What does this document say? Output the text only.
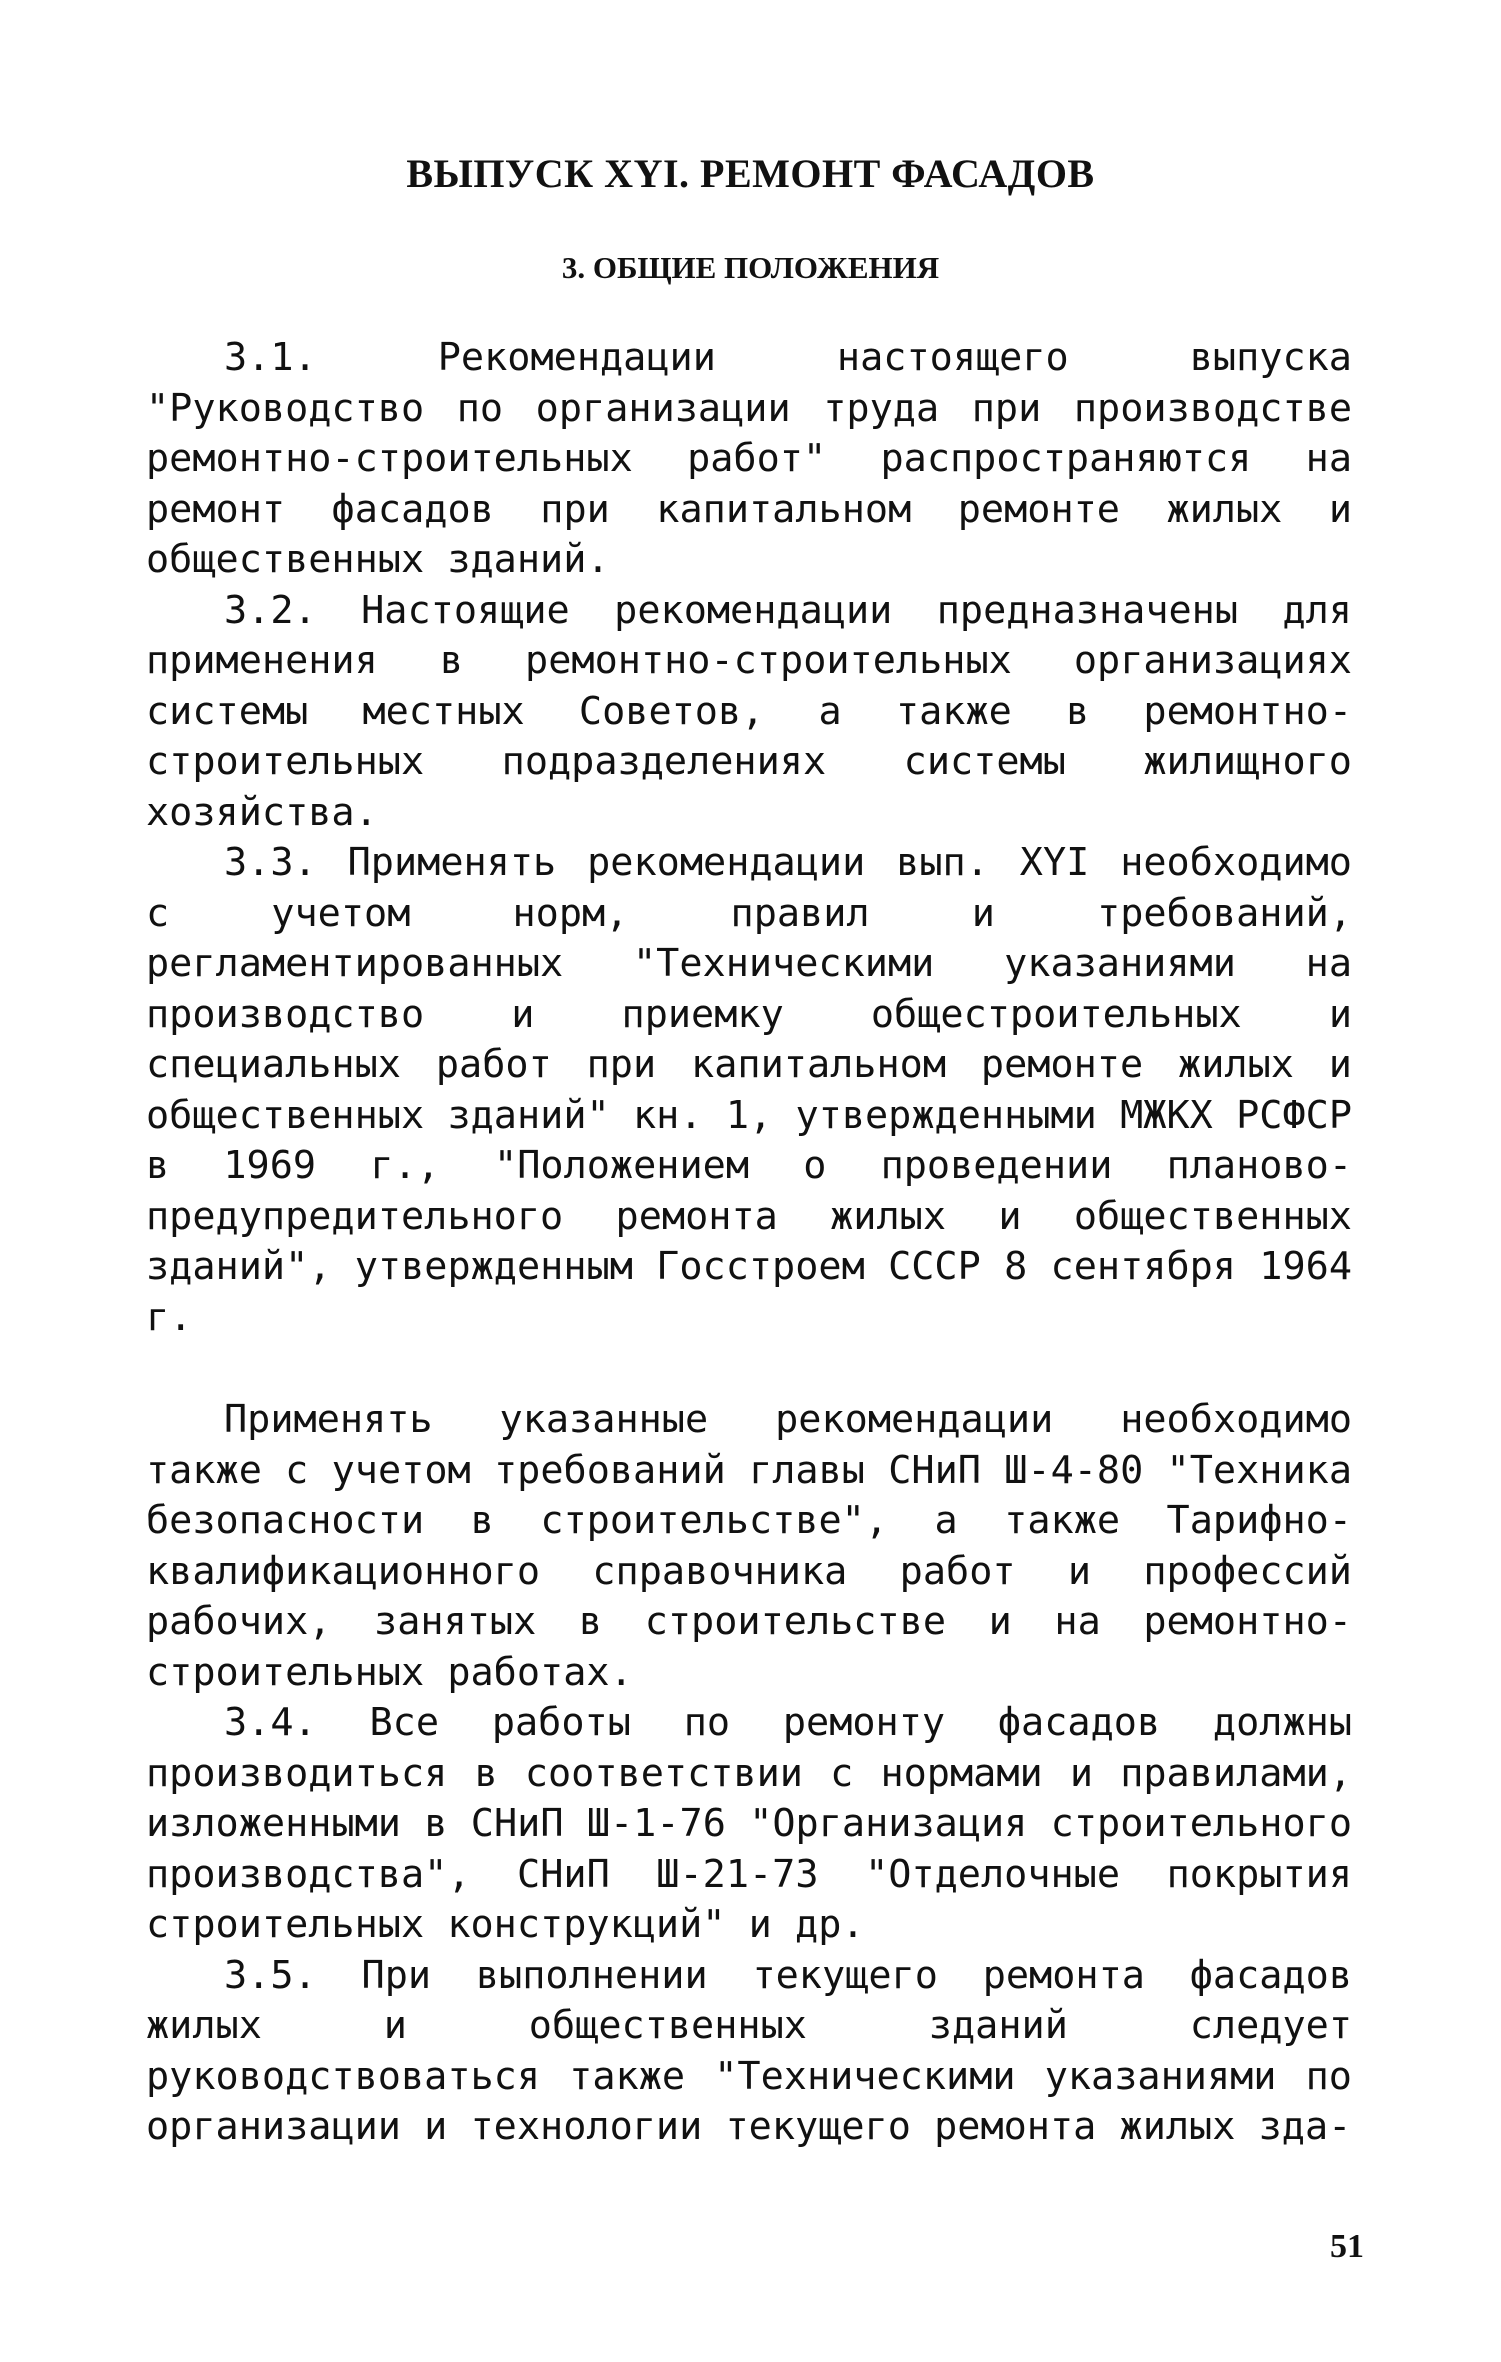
ВЫПУСК XYI. РЕМОНТ ФАСАДОВ
3. ОБЩИЕ ПОЛОЖЕНИЯ

3.1. Рекомендации настоящего выпуска "Руководство по организации труда при производстве ремонтно-строительных работ" распространяются на ремонт фасадов при капитальном ремонте жилых и общественных зданий.

3.2. Настоящие рекомендации предназначены для применения в ремонтно-строительных организациях системы местных Советов, а также в ремонтно-строительных подразделениях системы жилищного хозяйства.

3.3. Применять рекомендации вып. XYI необходимо с учетом норм, правил и требований, регламентированных "Техническими указаниями на производство и приемку общестроительных и специальных работ при капитальном ремонте жилых и общественных зданий" кн. 1, утвержденными МЖКХ РСФСР в 1969 г., "Положением о проведении планово-предупредительного ремонта жилых и общественных зданий", утвержденным Госстроем СССР 8 сентября 1964 г.

Применять указанные рекомендации необходимо также с учетом требований главы СНиП Ш-4-80 "Техника безопасности в строительстве", а также Тарифно-квалификационного справочника работ и профессий рабочих, занятых в строительстве и на ремонтно-строительных работах.

3.4. Все работы по ремонту фасадов должны производиться в соответствии с нормами и правилами, изложенными в СНиП Ш-1-76 "Организация строительного производства", СНиП Ш-21-73 "Отделочные покрытия строительных конструкций" и др.

3.5. При выполнении текущего ремонта фасадов жилых и общественных зданий следует руководствоваться также "Техническими указаниями по организации и технологии текущего ремонта жилых зда-

51
